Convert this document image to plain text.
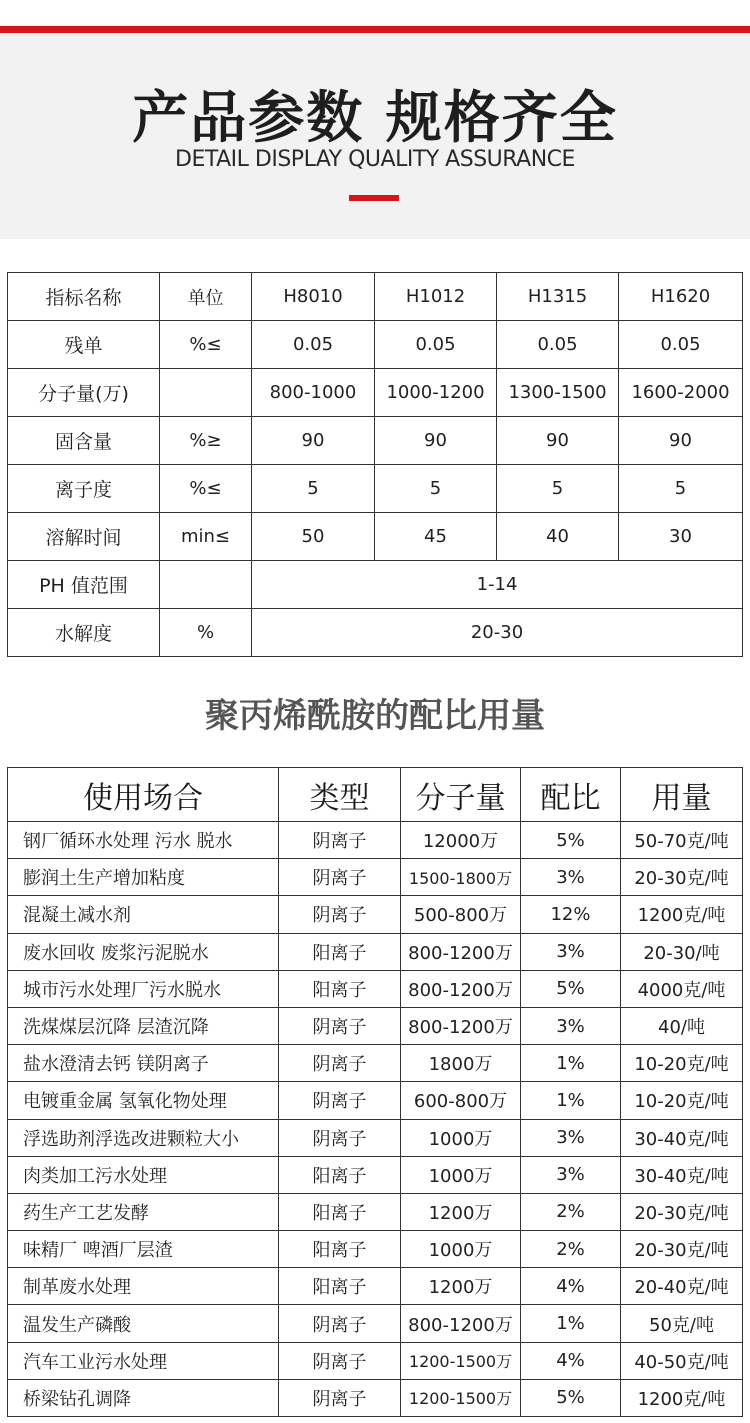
产品参数 规格齐全
DETAIL DISPLAY QUALITY ASSURANCE
指标名称	单位	H8010	H1012	H1315	H1620
残单	%≤	0.05	0.05	0.05	0.05
分子量(万)		800-1000	1000-1200	1300-1500	1600-2000
固含量	%≥	90	90	90	90
离子度	%≤	5	5	5	5
溶解时间	min≤	50	45	40	30
PH 值范围		1-14			
水解度	%	20-30			
聚丙烯酰胺的配比用量
使用场合	类型	分子量	配比	用量
钢厂循环水处理 污水 脱水	阴离子	12000万	5%	50-70克/吨
膨润土生产增加粘度	阴离子	1500-1800万	3%	20-30克/吨
混凝土减水剂	阴离子	500-800万	12%	1200克/吨
废水回收 废浆污泥脱水	阳离子	800-1200万	3%	20-30/吨
城市污水处理厂污水脱水	阳离子	800-1200万	5%	4000克/吨
洗煤煤层沉降 层渣沉降	阴离子	800-1200万	3%	40/吨
盐水澄清去钙 镁阴离子	阴离子	1800万	1%	10-20克/吨
电镀重金属 氢氧化物处理	阴离子	600-800万	1%	10-20克/吨
浮选助剂浮选改进颗粒大小	阴离子	1000万	3%	30-40克/吨
肉类加工污水处理	阳离子	1000万	3%	30-40克/吨
药生产工艺发酵	阳离子	1200万	2%	20-30克/吨
味精厂 啤酒厂层渣	阳离子	1000万	2%	20-30克/吨
制革废水处理	阳离子	1200万	4%	20-40克/吨
温发生产磷酸	阴离子	800-1200万	1%	50克/吨
汽车工业污水处理	阴离子	1200-1500万	4%	40-50克/吨
桥梁钻孔调降	阴离子	1200-1500万	5%	1200克/吨
